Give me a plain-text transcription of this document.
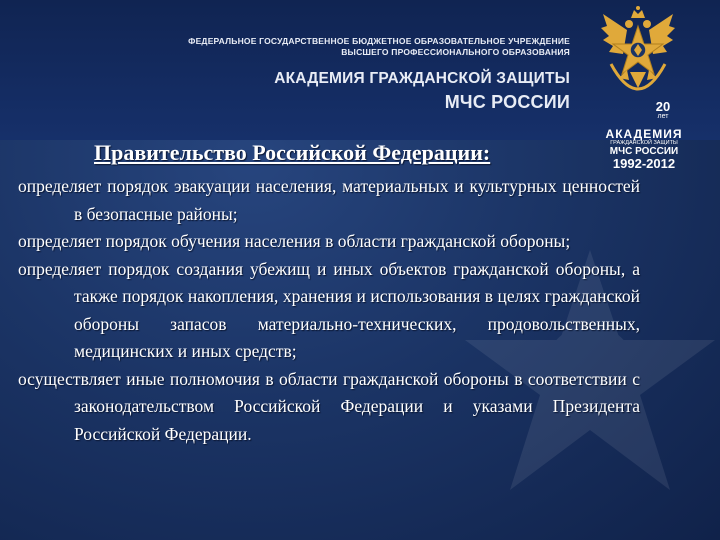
ФЕДЕРАЛЬНОЕ ГОСУДАРСТВЕННОЕ БЮДЖЕТНОЕ ОБРАЗОВАТЕЛЬНОЕ УЧРЕЖДЕНИЕ
ВЫСШЕГО ПРОФЕССИОНАЛЬНОГО ОБРАЗОВАНИЯ
АКАДЕМИЯ ГРАЖДАНСКОЙ ЗАЩИТЫ
МЧС РОССИИ	20
лет
АКАДЕМИЯ
ГРАЖДАНСКОЙ ЗАЩИТЫ
МЧС РОССИИ
1992-2012
Правительство Российской Федерации:

определяет порядок эвакуации населения, материальных и культурных ценностей в безопасные районы;

определяет порядок обучения населения в области гражданской обороны;

определяет порядок создания убежищ и иных объектов гражданской обороны, а также порядок накопления, хранения и использования в целях гражданской обороны запасов материально-технических, продовольственных, медицинских и иных средств;

осуществляет иные полномочия в области гражданской обороны в соответствии с законодательством Российской Федерации и указами Президента Российской Федерации.
